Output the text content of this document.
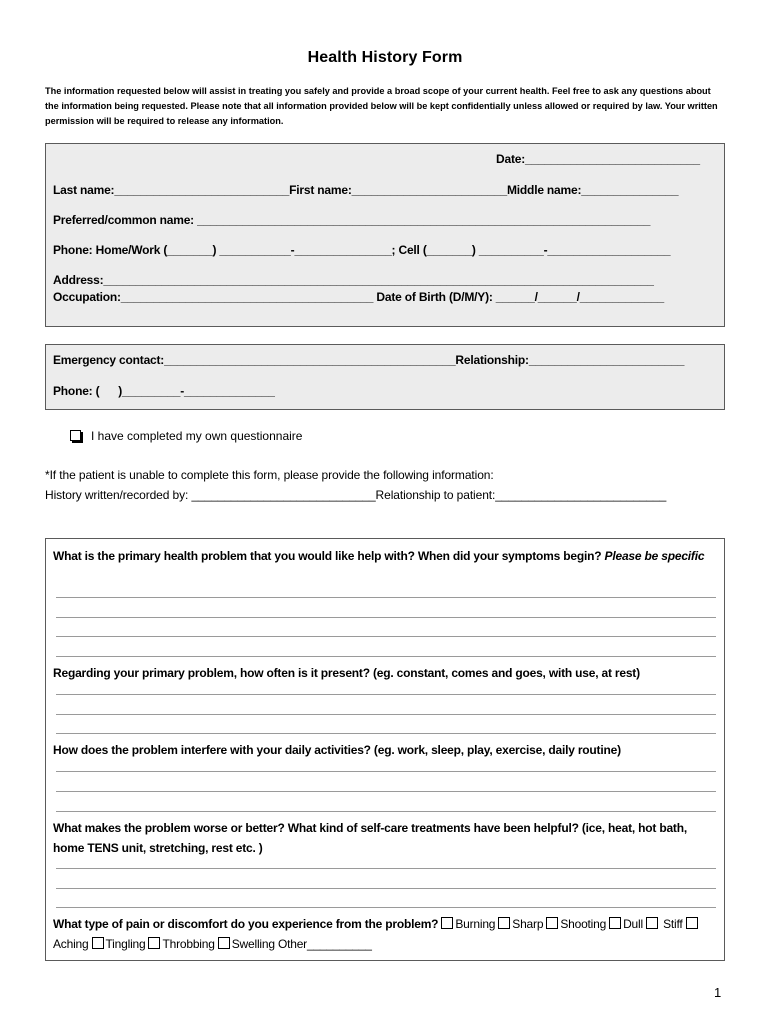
Health History Form
The information requested below will assist in treating you safely and provide a broad scope of your current health. Feel free to ask any questions about the information being requested. Please note that all information provided below will be kept confidentially unless allowed or required by law. Your written permission will be required to release any information.
Date:___________________________
Last name:___________________________First name:________________________Middle name:_______________
Preferred/common name: ______________________________________________________________________
Phone: Home/Work (_______) ___________-_______________; Cell (_______) __________-___________________
Address:_____________________________________________________________________________________
Occupation:_______________________________________ Date of Birth (D/M/Y): ______/______/_____________
Emergency contact:_____________________________________________Relationship:________________________
Phone: (      )_________-______________
I have completed my own questionnaire
*If the patient is unable to complete this form, please provide the following information:
History written/recorded by: ____________________________Relationship to patient:__________________________
What is the primary health problem that you would like help with? When did your symptoms begin? Please be specific
Regarding your primary problem, how often is it present? (eg. constant, comes and goes, with use, at rest)
How does the problem interfere with your daily activities? (eg. work, sleep, play, exercise, daily routine)
What makes the problem worse or better? What kind of self-care treatments have been helpful? (ice, heat, hot bath, home TENS unit, stretching, rest etc. )
What type of pain or discomfort do you experience from the problem? Burning Sharp Shooting Dull StiffAching Tingling Throbbing Swelling Other__________
1
